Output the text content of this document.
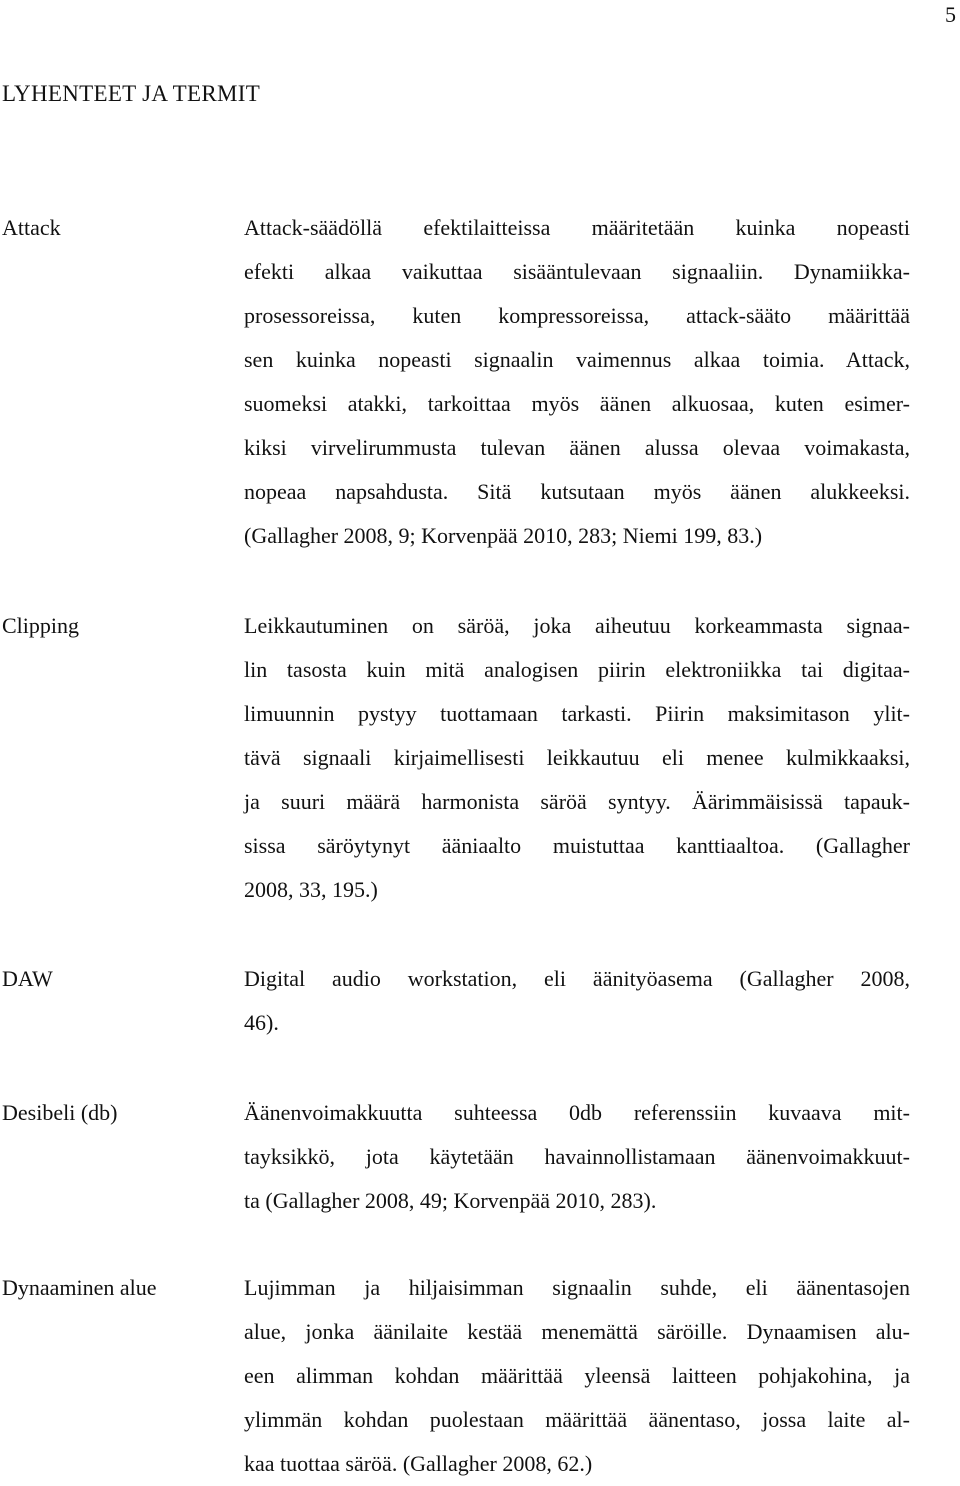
5
LYHENTEET JA TERMIT
Attack	Attack-säädöllä efektilaitteissa määritetään kuinka nopeasti
efekti alkaa vaikuttaa sisääntulevaan signaaliin. Dynamiikka-
prosessoreissa, kuten kompressoreissa, attack-sääto määrittää
sen kuinka nopeasti signaalin vaimennus alkaa toimia. Attack,
suomeksi atakki, tarkoittaa myös äänen alkuosaa, kuten esimer-
kiksi virvelirummusta tulevan äänen alussa olevaa voimakasta,
nopeaa napsahdusta. Sitä kutsutaan myös äänen alukkeeksi.
(Gallagher 2008, 9; Korvenpää 2010, 283; Niemi 199, 83.)
Clipping	Leikkautuminen on säröä, joka aiheutuu korkeammasta signaa-
lin tasosta kuin mitä analogisen piirin elektroniikka tai digitaa-
limuunnin pystyy tuottamaan tarkasti. Piirin maksimitason ylit-
tävä signaali kirjaimellisesti leikkautuu eli menee kulmikkaaksi,
ja suuri määrä harmonista säröä syntyy. Äärimmäisissä tapauk-
sissa säröytynyt ääniaalto muistuttaa kanttiaaltoa. (Gallagher
2008, 33, 195.)
DAW	Digital audio workstation, eli äänityöasema (Gallagher 2008,
46).
Desibeli (db)	Äänenvoimakkuutta suhteessa 0db referenssiin kuvaava mit-
tayksikkö, jota käytetään havainnollistamaan äänenvoimakkuut-
ta (Gallagher 2008, 49; Korvenpää 2010, 283).
Dynaaminen alue	Lujimman ja hiljaisimman signaalin suhde, eli äänentasojen
alue, jonka äänilaite kestää menemättä säröille. Dynaamisen alu-
een alimman kohdan määrittää yleensä laitteen pohjakohina, ja
ylimmän kohdan puolestaan määrittää äänentaso, jossa laite al-
kaa tuottaa säröä. (Gallagher 2008, 62.)
